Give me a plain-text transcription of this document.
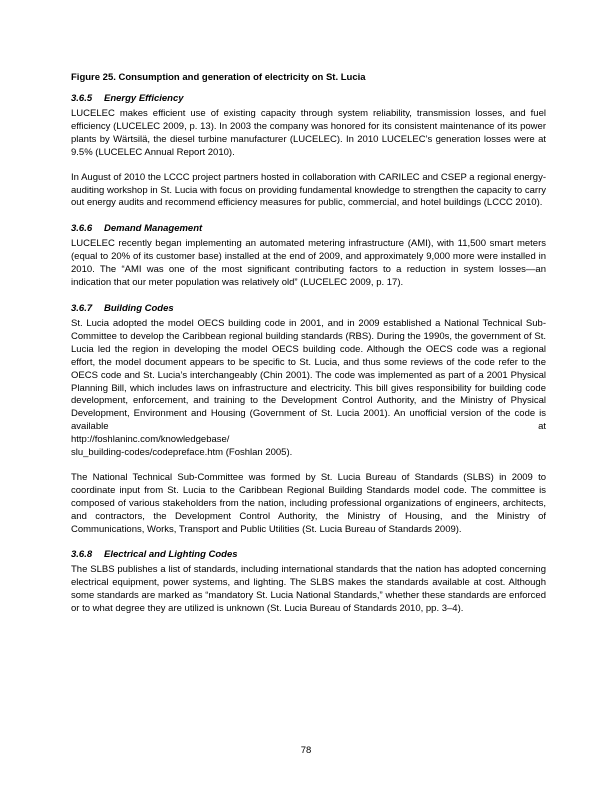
Figure 25. Consumption and generation of electricity on St. Lucia

3.6.5	Energy Efficiency

LUCELEC makes efficient use of existing capacity through system reliability, transmission losses, and fuel efficiency (LUCELEC 2009, p. 13). In 2003 the company was honored for its consistent maintenance of its power plants by Wärtsilä, the diesel turbine manufacturer (LUCELEC). In 2010 LUCELEC’s generation losses were at 9.5% (LUCELEC Annual Report 2010).

In August of 2010 the LCCC project partners hosted in collaboration with CARILEC and CSEP a regional energy-auditing workshop in St. Lucia with focus on providing fundamental knowledge to strengthen the capacity to carry out energy audits and recommend efficiency measures for public, commercial, and hotel buildings (LCCC 2010).

3.6.6	Demand Management

LUCELEC recently began implementing an automated metering infrastructure (AMI), with 11,500 smart meters (equal to 20% of its customer base) installed at the end of 2009, and approximately 9,000 more were installed in 2010. The “AMI was one of the most significant contributing factors to a reduction in system losses—an indication that our meter population was relatively old” (LUCELEC 2009, p. 17).

3.6.7	Building Codes

St. Lucia adopted the model OECS building code in 2001, and in 2009 established a National Technical Sub-Committee to develop the Caribbean regional building standards (RBS). During the 1990s, the government of St. Lucia led the region in developing the model OECS building code. Although the OECS code was a regional effort, the model document appears to be specific to St. Lucia, and thus some reviews of the code refer to the OECS code and St. Lucia’s interchangeably (Chin 2001). The code was implemented as part of a 2001 Physical Planning Bill, which includes laws on infrastructure and electricity. This bill gives responsibility for building code development, enforcement, and training to the Development Control Authority, and the Ministry of Physical Development, Environment and Housing (Government of St. Lucia 2001). An unofficial version of the code is available at

http://foshlaninc.com/knowledgebase/

slu_building-codes/codepreface.htm (Foshlan 2005).

The National Technical Sub-Committee was formed by St. Lucia Bureau of Standards (SLBS) in 2009 to coordinate input from St. Lucia to the Caribbean Regional Building Standards model code. The committee is composed of various stakeholders from the nation, including professional organizations of engineers, architects, and contractors, the Development Control Authority, the Ministry of Housing, and the Ministry of Communications, Works, Transport and Public Utilities (St. Lucia Bureau of Standards 2009).

3.6.8	Electrical and Lighting Codes

The SLBS publishes a list of standards, including international standards that the nation has adopted concerning electrical equipment, power systems, and lighting. The SLBS makes the standards available at cost. Although some standards are marked as “mandatory St. Lucia National Standards,” whether these standards are enforced or to what degree they are utilized is unknown (St. Lucia Bureau of Standards 2010, pp. 3–4).

78
